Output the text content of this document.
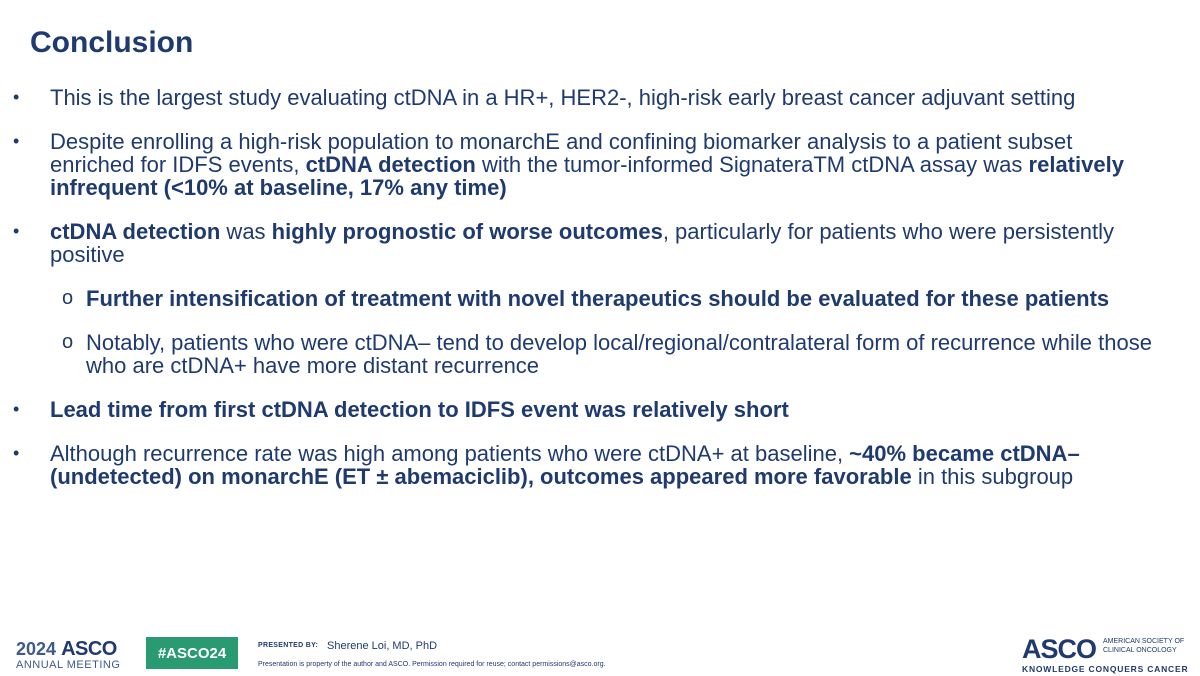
Conclusion
• This is the largest study evaluating ctDNA in a HR+, HER2-, high-risk early breast cancer adjuvant setting
• Despite enrolling a high-risk population to monarchE and confining biomarker analysis to a patient subset enriched for IDFS events, ctDNA detection with the tumor-informed SignateraTM ctDNA assay was relatively infrequent (<10% at baseline, 17% any time)
• ctDNA detection was highly prognostic of worse outcomes, particularly for patients who were persistently positive
o Further intensification of treatment with novel therapeutics should be evaluated for these patients
o Notably, patients who were ctDNA– tend to develop local/regional/contralateral form of recurrence while those who are ctDNA+ have more distant recurrence
• Lead time from first ctDNA detection to IDFS event was relatively short
• Although recurrence rate was high among patients who were ctDNA+ at baseline, ~40% became ctDNA– (undetected) on monarchE (ET ± abemaciclib), outcomes appeared more favorable in this subgroup
2024 ASCO
ANNUAL MEETING
#ASCO24	PRESENTED BY: Sherene Loi, MD, PhD
Presentation is property of the author and ASCO. Permission required for reuse; contact permissions@asco.org.
ASCO AMERICAN SOCIETY OF CLINICAL ONCOLOGY
KNOWLEDGE CONQUERS CANCER
